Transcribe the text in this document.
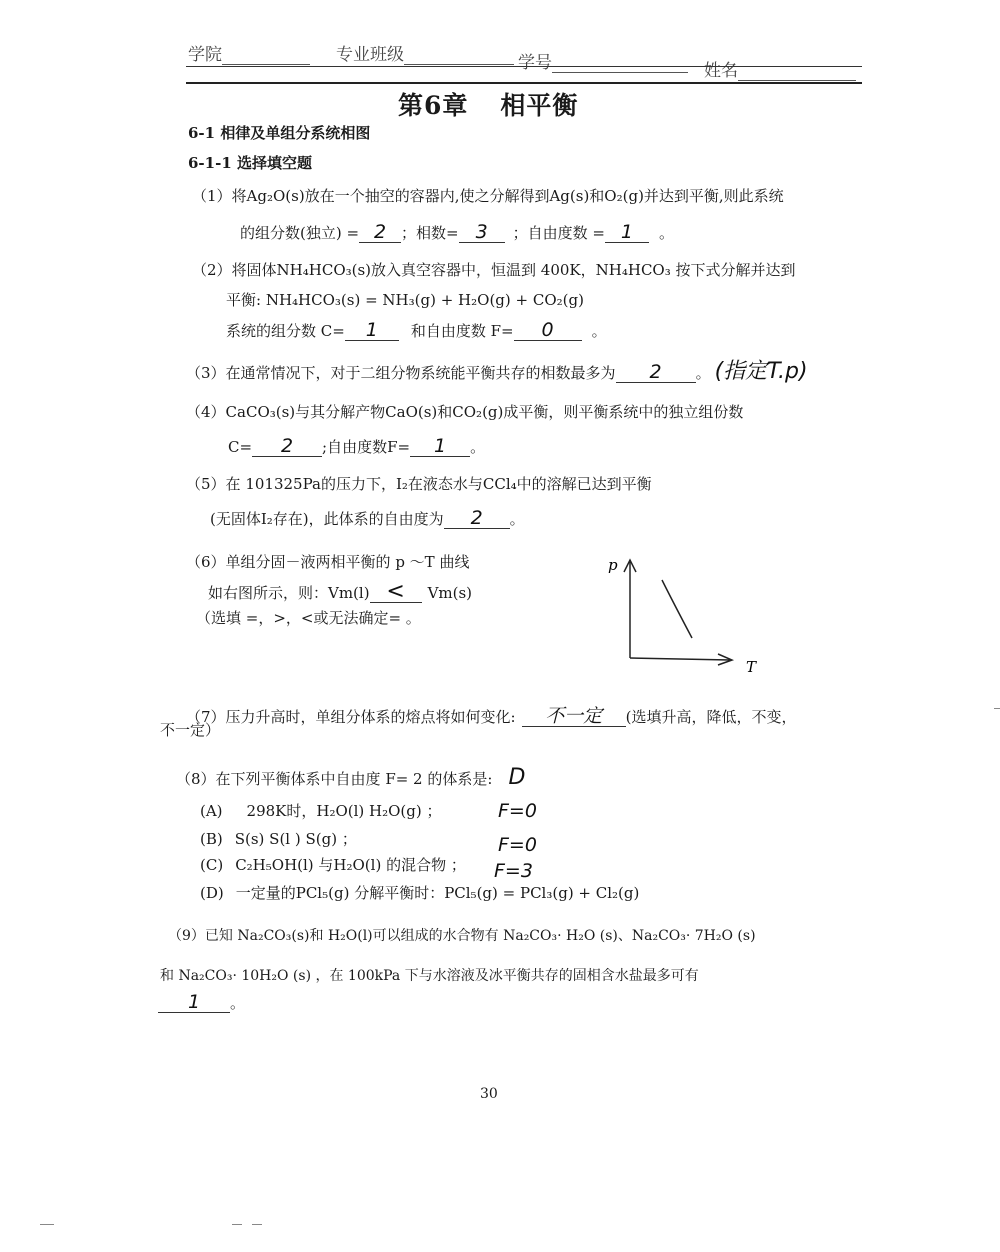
学院	专业班级	学号	姓名
第6章 相平衡
6-1 相律及单组分系统相图
6-1-1 选择填空题
（1）将Ag₂O(s)放在一个抽空的容器内,使之分解得到Ag(s)和O₂(g)并达到平衡,则此系统
的组分数(独立) = 2 ；相数= 3 ；自由度数 = 1 。
（2）将固体NH₄HCO₃(s)放入真空容器中，恒温到 400K，NH₄HCO₃ 按下式分解并达到
平衡: NH₄HCO₃(s) = NH₃(g) + H₂O(g) + CO₂(g)
系统的组分数 C= 1 和自由度数 F= 0	。
（3）在通常情况下，对于二组分物系统能平衡共存的相数最多为 2 。 (指定T.p)
（4）CaCO₃(s)与其分解产物CaO(s)和CO₂(g)成平衡，则平衡系统中的独立组份数
C= 2 ;自由度数F= 1 。
（5）在 101325Pa的压力下，I₂在液态水与CCl₄中的溶解已达到平衡
(无固体I₂存在)，此体系的自由度为 2 。
（6）单组分固－液两相平衡的 p ～T 曲线
如右图所示，则：Vm(l) < Vm(s)
（选填 =，>，<或无法确定= 。
p
T
（7）压力升高时，单组分体系的熔点将如何变化: 不一定 (选填升高，降低，不变，
不一定）
（8）在下列平衡体系中自由度 F= 2 的体系是: D
(A) 298K时，H₂O(l) H₂O(g) ；	F=0
(B) S(s) S(l ) S(g) ；	F=0
(C) C₂H₅OH(l) 与H₂O(l) 的混合物 ； F=3
(D) 一定量的PCl₅(g) 分解平衡时：PCl₅(g) = PCl₃(g) + Cl₂(g)
（9）已知 Na₂CO₃(s)和 H₂O(l)可以组成的水合物有 Na₂CO₃· H₂O (s)、Na₂CO₃· 7H₂O (s)
和 Na₂CO₃· 10H₂O (s) ，在 100kPa 下与水溶液及冰平衡共存的固相含水盐最多可有
1 。
30
